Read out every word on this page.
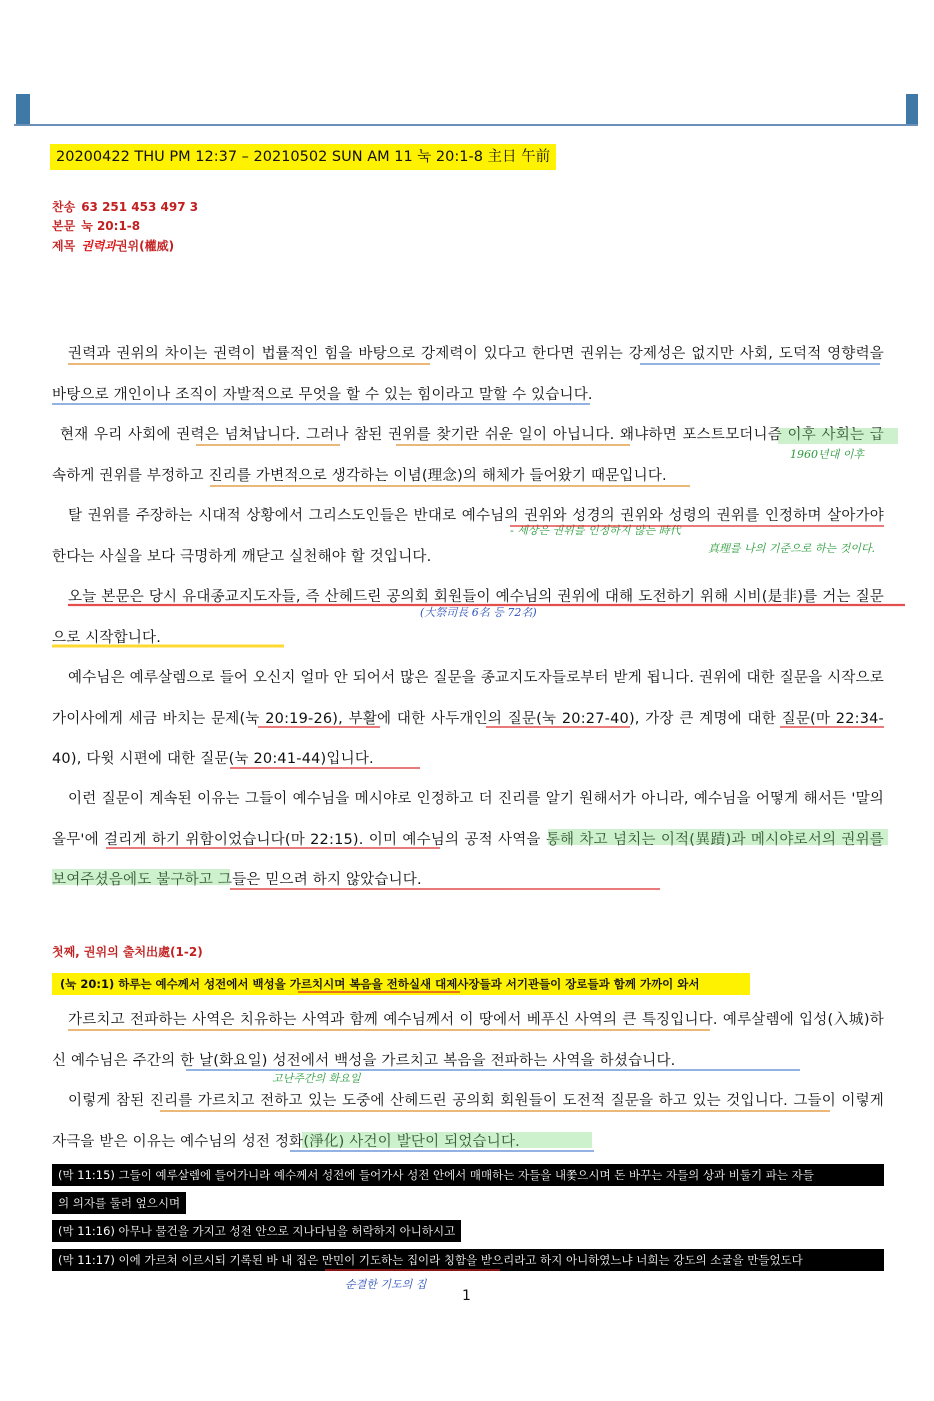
20200422 THU PM 12:37 – 20210502 SUN AM 11 눅 20:1-8 主日 午前
찬송 63 251 453 497 3
본문 눅 20:1-8
제목 권력과권위(權威)
권력과 권위의 차이는 권력이 법률적인 힘을 바탕으로 강제력이 있다고 한다면 권위는 강제성은 없지만 사회, 도덕적 영향력을 바탕으로 개인이나 조직이 자발적으로 무엇을 할 수 있는 힘이라고 말할 수 있습니다.
현재 우리 사회에 권력은 넘쳐납니다. 그러나 참된 권위를 찾기란 쉬운 일이 아닙니다. 왜냐하면 포스트모더니즘 이후 사회는 급속하게 권위를 부정하고 진리를 가변적으로 생각하는 이념(理念)의 해체가 들어왔기 때문입니다.
탈 권위를 주장하는 시대적 상황에서 그리스도인들은 반대로 예수님의 권위와 성경의 권위와 성령의 권위를 인정하며 살아가야 한다는 사실을 보다 극명하게 깨닫고 실천해야 할 것입니다.
오늘 본문은 당시 유대종교지도자들, 즉 산헤드린 공의회 회원들이 예수님의 권위에 대해 도전하기 위해 시비(是非)를 거는 질문으로 시작합니다.
예수님은 예루살렘으로 들어 오신지 얼마 안 되어서 많은 질문을 종교지도자들로부터 받게 됩니다. 권위에 대한 질문을 시작으로 가이사에게 세금 바치는 문제(눅 20:19-26), 부활에 대한 사두개인의 질문(눅 20:27-40), 가장 큰 계명에 대한 질문(마 22:34-40), 다윗 시편에 대한 질문(눅 20:41-44)입니다.
이런 질문이 계속된 이유는 그들이 예수님을 메시야로 인정하고 더 진리를 알기 원해서가 아니라, 예수님을 어떻게 해서든 '말의 올무'에 걸리게 하기 위함이었습니다(마 22:15). 이미 예수님의 공적 사역을 통해 차고 넘치는 이적(異蹟)과 메시야로서의 권위를 보여주셨음에도 불구하고 그들은 믿으려 하지 않았습니다.
첫째, 권위의 출처出處(1-2)
(눅 20:1) 하루는 예수께서 성전에서 백성을 가르치시며 복음을 전하실새 대제사장들과 서기관들이 장로들과 함께 가까이 와서
가르치고 전파하는 사역은 치유하는 사역과 함께 예수님께서 이 땅에서 베푸신 사역의 큰 특징입니다. 예루살렘에 입성(入城)하신 예수님은 주간의 한 날(화요일) 성전에서 백성을 가르치고 복음을 전파하는 사역을 하셨습니다.
이렇게 참된 진리를 가르치고 전하고 있는 도중에 산헤드린 공의회 회원들이 도전적 질문을 하고 있는 것입니다. 그들이 이렇게 자극을 받은 이유는 예수님의 성전 정화(淨化) 사건이 발단이 되었습니다.
(막 11:15) 그들이 예루살렘에 들어가니라 예수께서 성전에 들어가사 성전 안에서 매매하는 자들을 내쫓으시며 돈 바꾸는 자들의 상과 비둘기 파는 자들
의 의자를 둘러 엎으시며
(막 11:16) 아무나 물건을 가지고 성전 안으로 지나다님을 허락하지 아니하시고
(막 11:17) 이에 가르쳐 이르시되 기록된 바 내 집은 만민이 기도하는 집이라 칭함을 받으리라고 하지 아니하였느냐 너희는 강도의 소굴을 만들었도다
1960년대 이후
- 세상은 권위를 인정하지 않는 時代
真理를 나의 기준으로 하는 것이다.
(大祭司長 6名 등 72名)
고난주간의 화요일
순결한 기도의 집
1
